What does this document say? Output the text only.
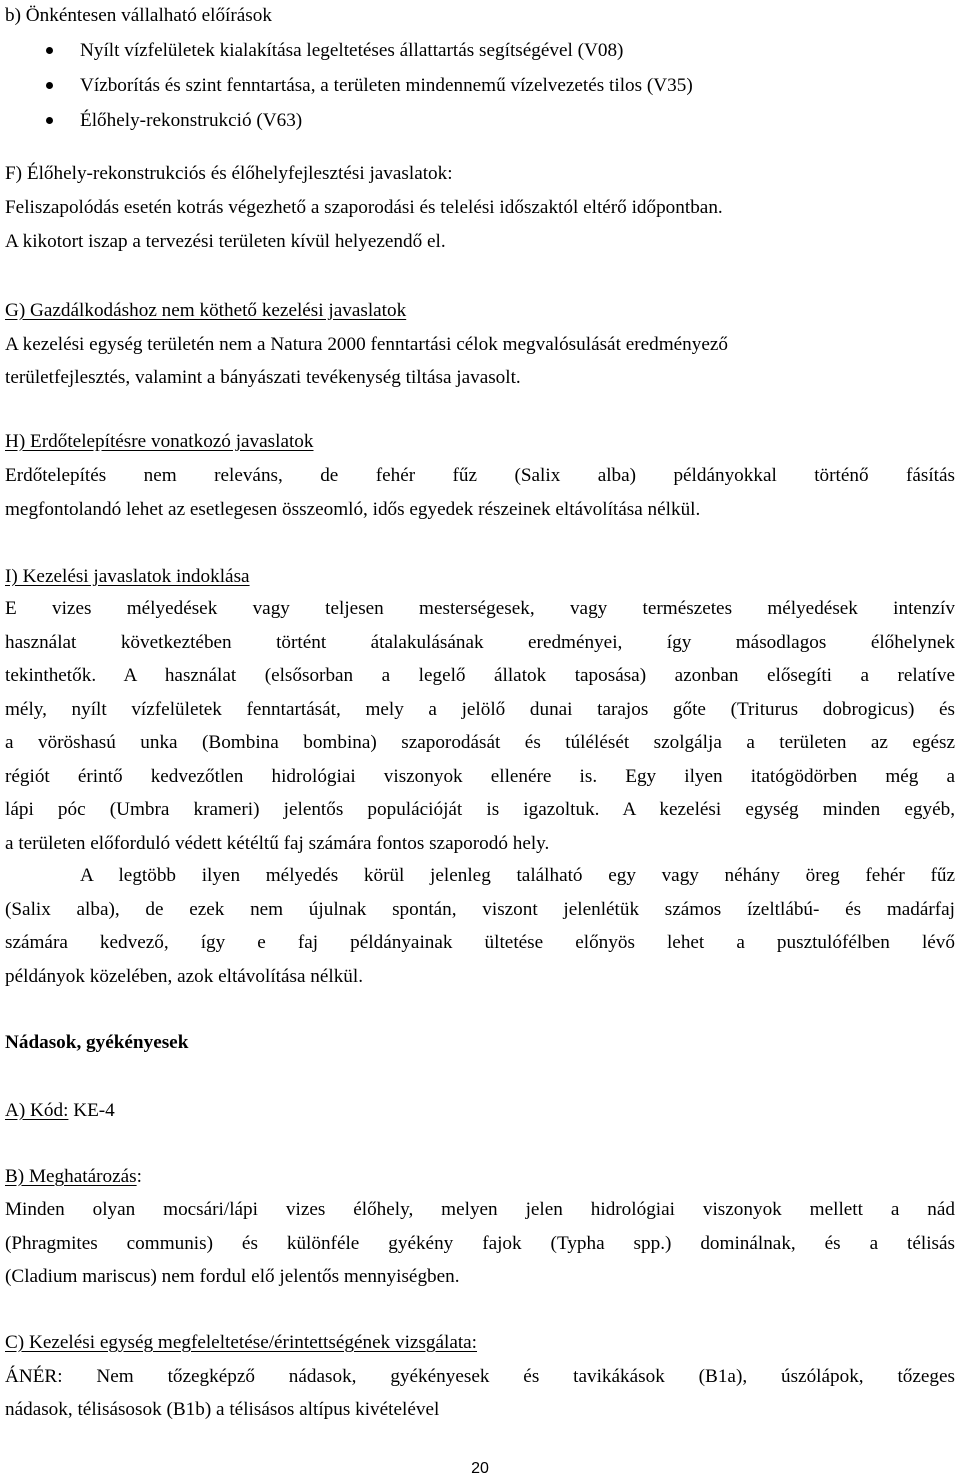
b) Önkéntesen vállalható előírások
Nyílt vízfelületek kialakítása legeltetéses állattartás segítségével (V08)
Vízborítás és szint fenntartása, a területen mindennemű vízelvezetés tilos (V35)
Élőhely-rekonstrukció (V63)
F) Élőhely-rekonstrukciós és élőhelyfejlesztési javaslatok:
Feliszapolódás esetén kotrás végezhető a szaporodási és telelési időszaktól eltérő időpontban.
A kikotort iszap a tervezési területen kívül helyezendő el.
G) Gazdálkodáshoz nem köthető kezelési javaslatok
A kezelési egység területén nem a Natura 2000 fenntartási célok megvalósulását eredményező
területfejlesztés, valamint a bányászati tevékenység tiltása javasolt.
H) Erdőtelepítésre vonatkozó javaslatok
Erdőtelepítés nem releváns, de fehér fűz (Salix alba) példányokkal történő fásítás
megfontolandó lehet az esetlegesen összeomló, idős egyedek részeinek eltávolítása nélkül.
I) Kezelési javaslatok indoklása
E vizes mélyedések vagy teljesen mesterségesek, vagy természetes mélyedések intenzív
használat következtében történt átalakulásának eredményei, így másodlagos élőhelynek
tekinthetők. A használat (elsősorban a legelő állatok taposása) azonban elősegíti a relatíve
mély, nyílt vízfelületek fenntartását, mely a jelölő dunai tarajos gőte (Triturus dobrogicus) és
a vöröshasú unka (Bombina bombina) szaporodását és túlélését szolgálja a területen az egész
régiót érintő kedvezőtlen hidrológiai viszonyok ellenére is. Egy ilyen itatógödörben még a
lápi póc (Umbra krameri) jelentős populációját is igazoltuk. A kezelési egység minden egyéb,
a területen előforduló védett kétéltű faj számára fontos szaporodó hely.
A legtöbb ilyen mélyedés körül jelenleg található egy vagy néhány öreg fehér fűz
(Salix alba), de ezek nem újulnak spontán, viszont jelenlétük számos ízeltlábú- és madárfaj
számára kedvező, így e faj példányainak ültetése előnyös lehet a pusztulófélben lévő
példányok közelében, azok eltávolítása nélkül.
Nádasok, gyékényesek
A) Kód: KE-4
B) Meghatározás:
Minden olyan mocsári/lápi vizes élőhely, melyen jelen hidrológiai viszonyok mellett a nád
(Phragmites communis) és különféle gyékény fajok (Typha spp.) dominálnak, és a télisás
(Cladium mariscus) nem fordul elő jelentős mennyiségben.
C) Kezelési egység megfeleltetése/érintettségének vizsgálata:
ÁNÉR: Nem tőzegképző nádasok, gyékényesek és tavikákások (B1a), úszólápok, tőzeges
nádasok, télisásosok (B1b) a télisásos altípus kivételével
20
